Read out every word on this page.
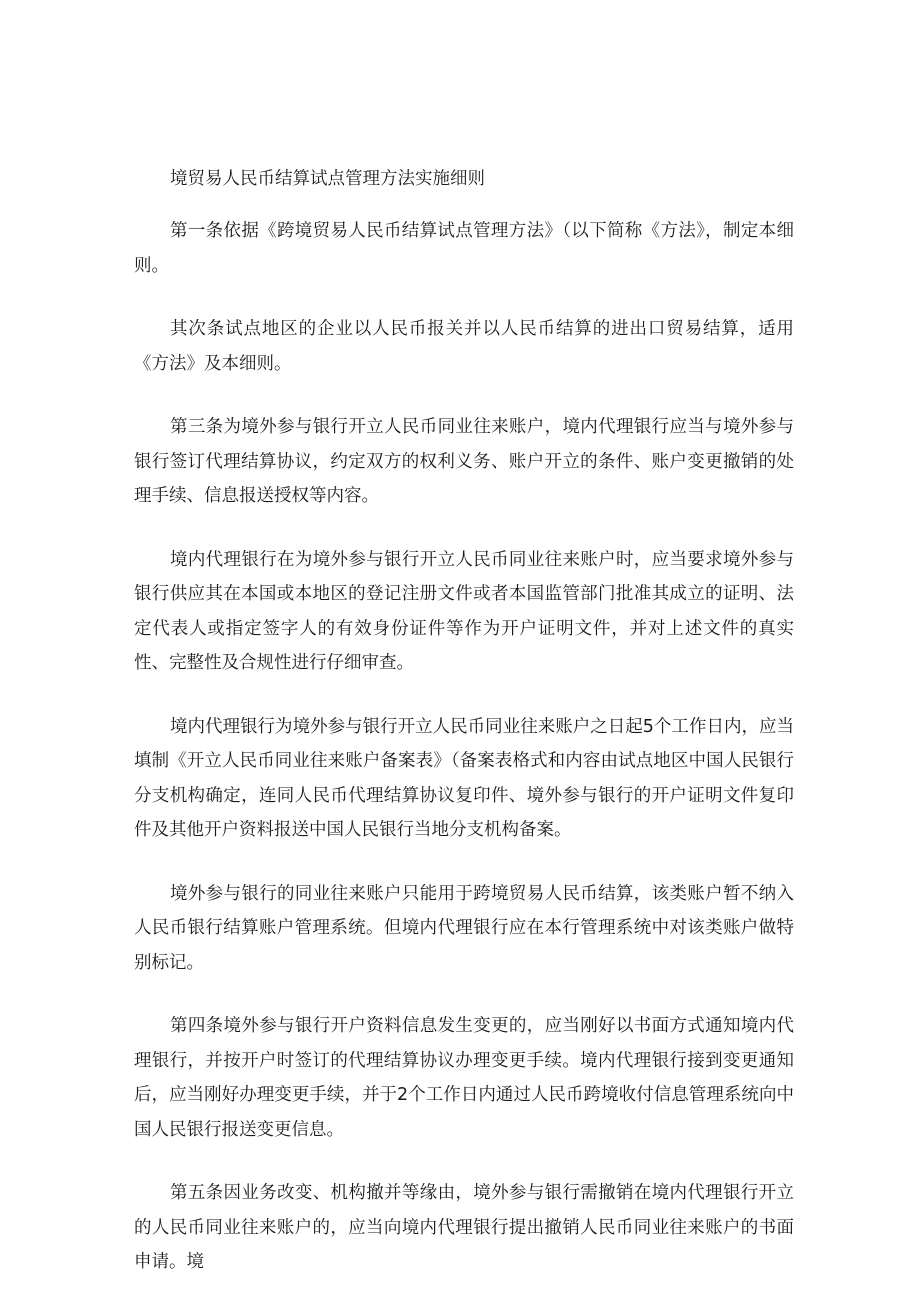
境贸易人民币结算试点管理方法实施细则

第一条依据《跨境贸易人民币结算试点管理方法》（以下简称《方法》，制定本细则。

其次条试点地区的企业以人民币报关并以人民币结算的进出口贸易结算，适用《方法》及本细则。

第三条为境外参与银行开立人民币同业往来账户，境内代理银行应当与境外参与银行签订代理结算协议，约定双方的权利义务、账户开立的条件、账户变更撤销的处理手续、信息报送授权等内容。

境内代理银行在为境外参与银行开立人民币同业往来账户时，应当要求境外参与银行供应其在本国或本地区的登记注册文件或者本国监管部门批准其成立的证明、法定代表人或指定签字人的有效身份证件等作为开户证明文件，并对上述文件的真实性、完整性及合规性进行仔细审查。

境内代理银行为境外参与银行开立人民币同业往来账户之日起5个工作日内，应当填制《开立人民币同业往来账户备案表》（备案表格式和内容由试点地区中国人民银行分支机构确定，连同人民币代理结算协议复印件、境外参与银行的开户证明文件复印件及其他开户资料报送中国人民银行当地分支机构备案。

境外参与银行的同业往来账户只能用于跨境贸易人民币结算，该类账户暂不纳入人民币银行结算账户管理系统。但境内代理银行应在本行管理系统中对该类账户做特别标记。

第四条境外参与银行开户资料信息发生变更的，应当刚好以书面方式通知境内代理银行，并按开户时签订的代理结算协议办理变更手续。境内代理银行接到变更通知后，应当刚好办理变更手续，并于2个工作日内通过人民币跨境收付信息管理系统向中国人民银行报送变更信息。

第五条因业务改变、机构撤并等缘由，境外参与银行需撤销在境内代理银行开立的人民币同业往来账户的，应当向境内代理银行提出撤销人民币同业往来账户的书面申请。境
